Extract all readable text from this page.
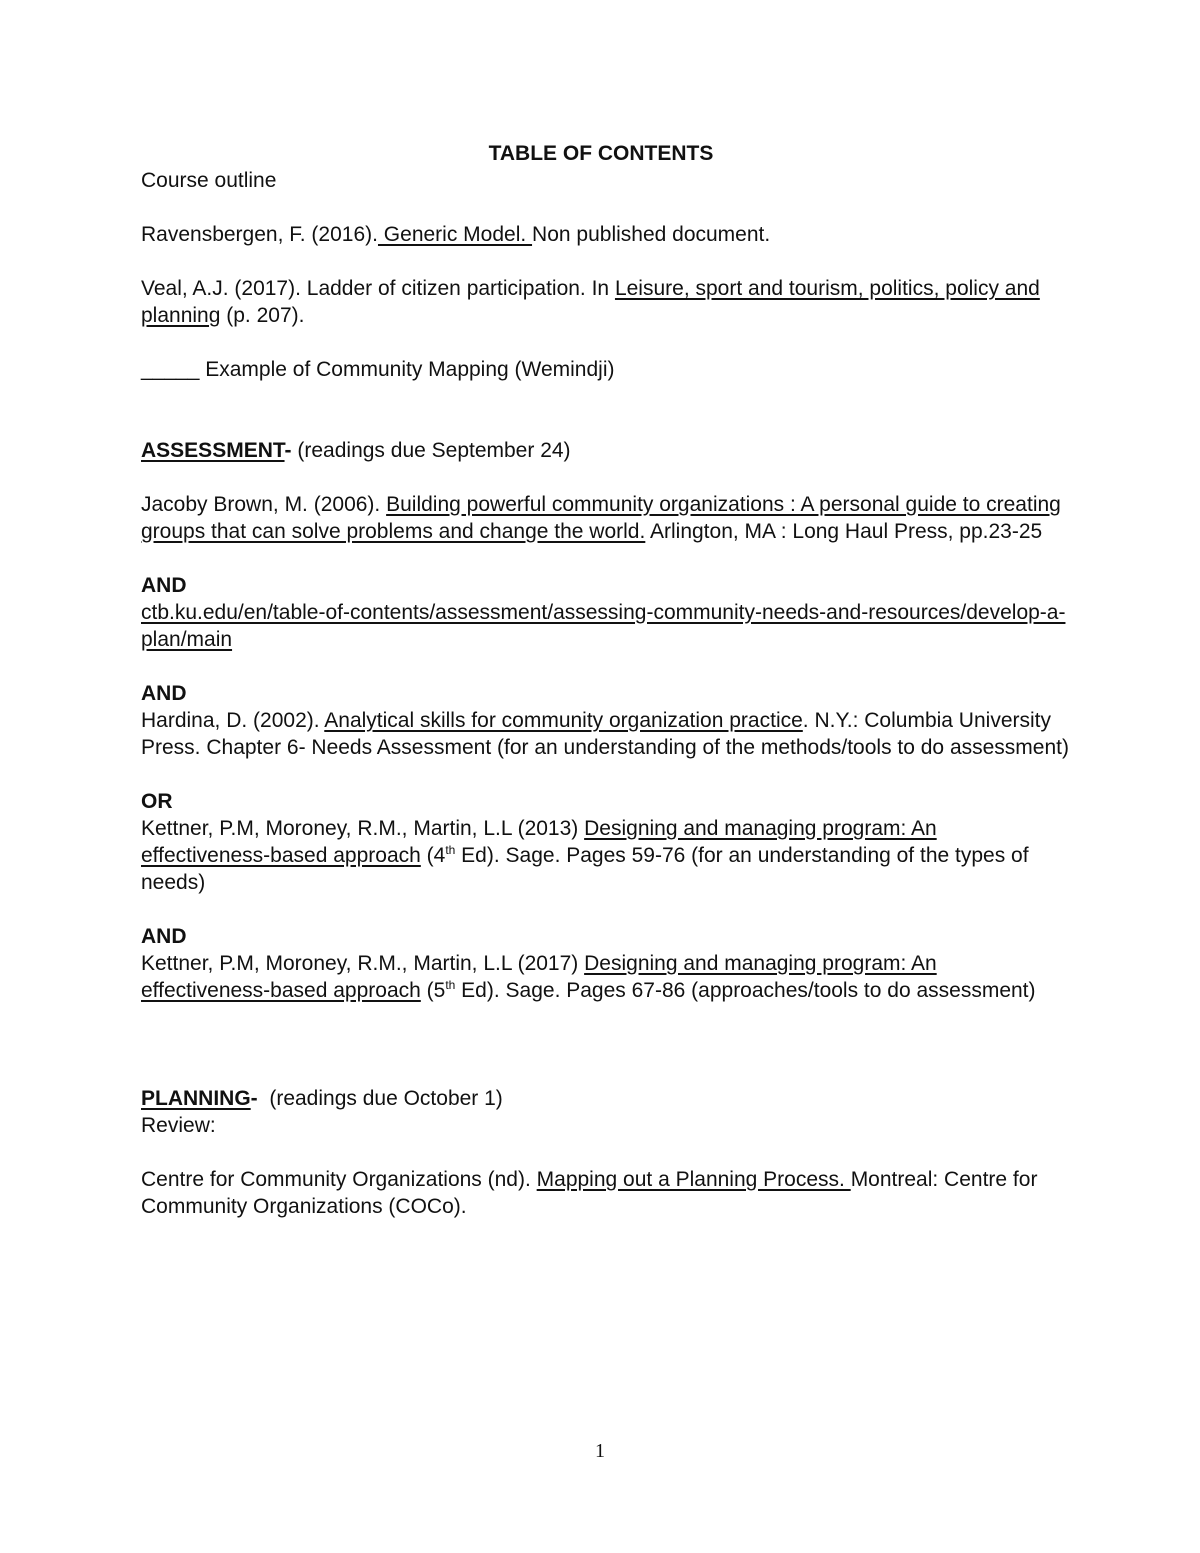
TABLE OF CONTENTS

Course outline

Ravensbergen, F. (2016). Generic Model. Non published document.

Veal, A.J. (2017). Ladder of citizen participation. In Leisure, sport and tourism, politics, policy and planning (p. 207).

_____ Example of Community Mapping (Wemindji)

ASSESSMENT- (readings due September 24)

Jacoby Brown, M. (2006). Building powerful community organizations : A personal guide to creating groups that can solve problems and change the world. Arlington, MA : Long Haul Press, pp.23-25

AND

ctb.ku.edu/en/table-of-contents/assessment/assessing-community-needs-and-resources/develop-a-plan/main

AND

Hardina, D. (2002). Analytical skills for community organization practice. N.Y.: Columbia University Press. Chapter 6- Needs Assessment (for an understanding of the methods/tools to do assessment)

OR

Kettner, P.M, Moroney, R.M., Martin, L.L (2013) Designing and managing program: An effectiveness-based approach (4th Ed). Sage. Pages 59-76 (for an understanding of the types of needs)

AND

Kettner, P.M, Moroney, R.M., Martin, L.L (2017) Designing and managing program: An effectiveness-based approach (5th Ed). Sage. Pages 67-86 (approaches/tools to do assessment)

PLANNING-  (readings due October 1)

Review:

Centre for Community Organizations (nd). Mapping out a Planning Process. Montreal: Centre for Community Organizations (COCo).

1
